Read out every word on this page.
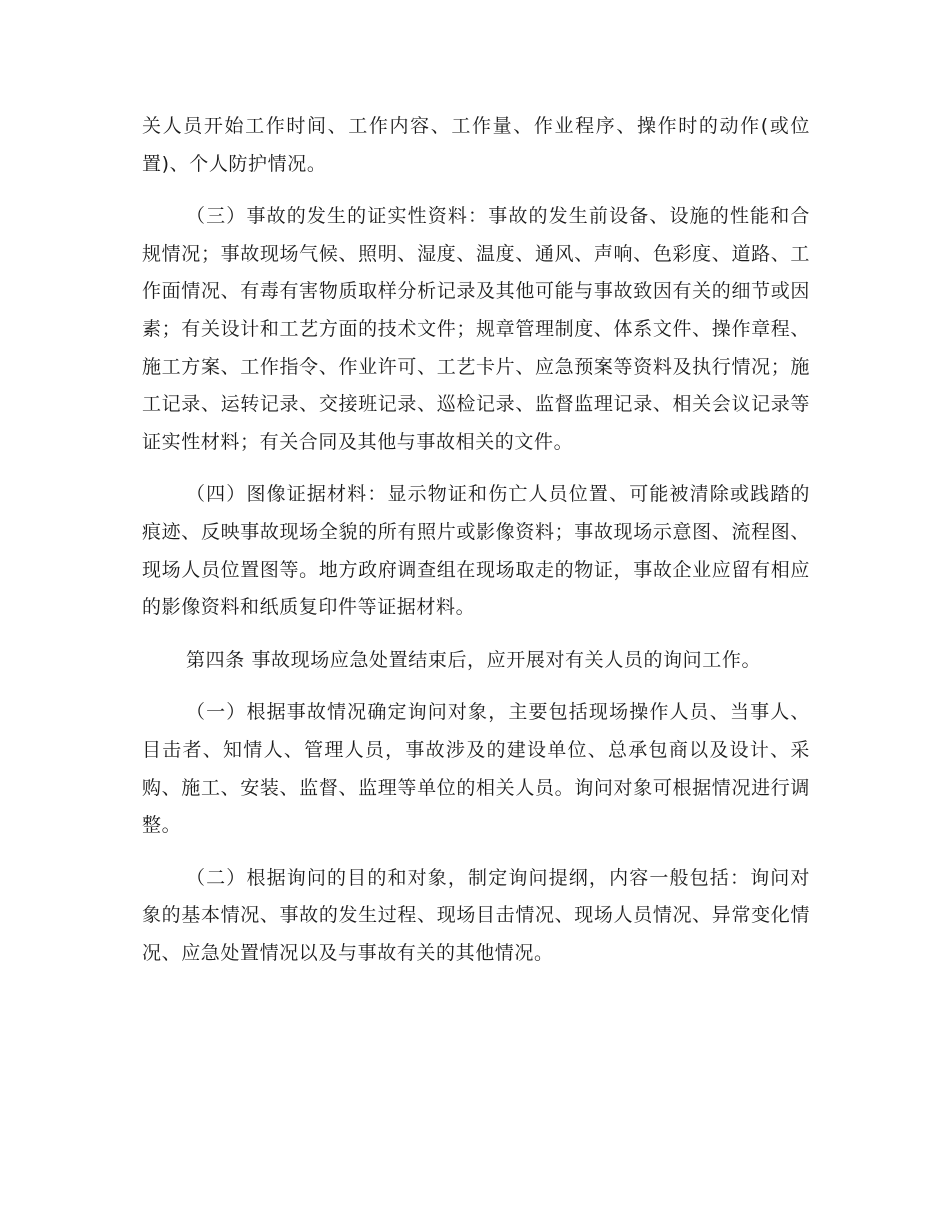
关人员开始工作时间、工作内容、工作量、作业程序、操作时的动作(或位置)、个人防护情况。

（三）事故的发生的证实性资料：事故的发生前设备、设施的性能和合规情况；事故现场气候、照明、湿度、温度、通风、声响、色彩度、道路、工作面情况、有毒有害物质取样分析记录及其他可能与事故致因有关的细节或因素；有关设计和工艺方面的技术文件；规章管理制度、体系文件、操作章程、施工方案、工作指令、作业许可、工艺卡片、应急预案等资料及执行情况；施工记录、运转记录、交接班记录、巡检记录、监督监理记录、相关会议记录等证实性材料；有关合同及其他与事故相关的文件。

（四）图像证据材料：显示物证和伤亡人员位置、可能被清除或践踏的痕迹、反映事故现场全貌的所有照片或影像资料；事故现场示意图、流程图、现场人员位置图等。地方政府调查组在现场取走的物证，事故企业应留有相应的影像资料和纸质复印件等证据材料。

第四条 事故现场应急处置结束后，应开展对有关人员的询问工作。

（一）根据事故情况确定询问对象，主要包括现场操作人员、当事人、目击者、知情人、管理人员，事故涉及的建设单位、总承包商以及设计、采购、施工、安装、监督、监理等单位的相关人员。询问对象可根据情况进行调整。

（二）根据询问的目的和对象，制定询问提纲，内容一般包括：询问对象的基本情况、事故的发生过程、现场目击情况、现场人员情况、异常变化情况、应急处置情况以及与事故有关的其他情况。
